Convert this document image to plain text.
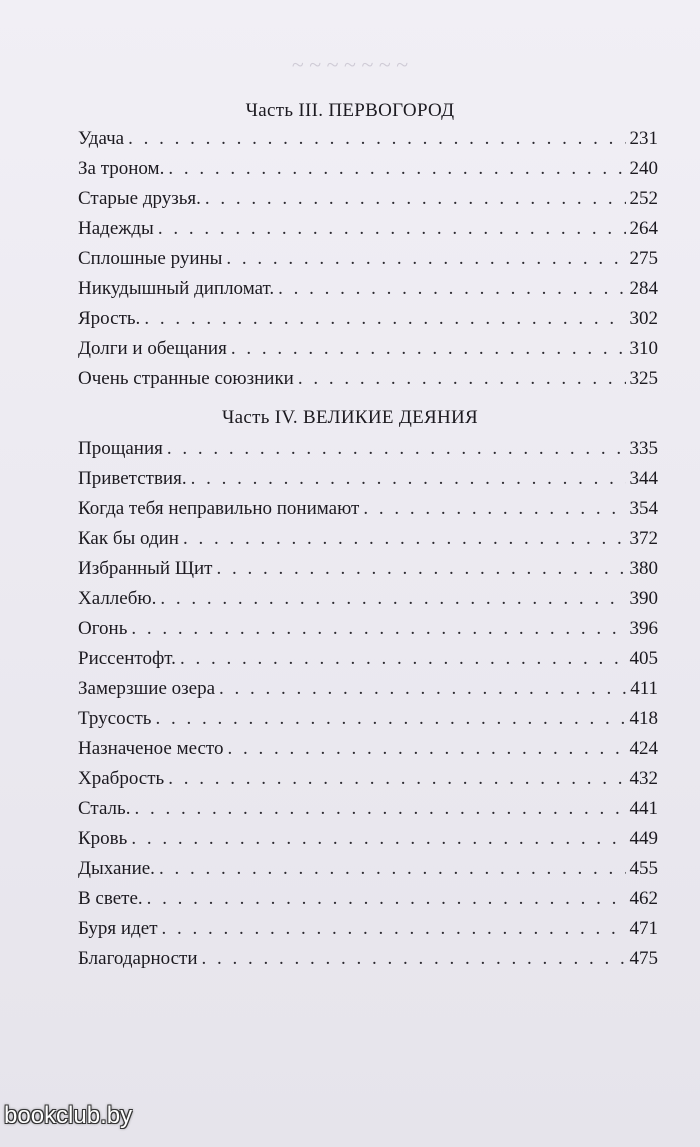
~ ~ ~ ~ ~ ~ ~
Часть III. ПЕРВОГОРОД
Удача . . .	231
За троном. . . .	240
Старые друзья. . . .	252
Надежды . . .	264
Сплошные руины . . .	275
Никудышный дипломат. . . .	284
Ярость. . . .	302
Долги и обещания . . .	310
Очень странные союзники . . .	325
Часть IV. ВЕЛИКИЕ ДЕЯНИЯ
Прощания . . .	335
Приветствия. . . .	344
Когда тебя неправильно понимают . . .	354
Как бы один . . .	372
Избранный Щит . . .	380
Халлебю. . . .	390
Огонь . . .	396
Риссентофт. . . .	405
Замерзшие озера . . .	411
Трусость . . .	418
Назначеное место . . .	424
Храбрость . . .	432
Сталь. . . .	441
Кровь . . .	449
Дыхание. . . .	455
В свете. . . .	462
Буря идет . . .	471
Благодарности . . .	475
bookclub.by
